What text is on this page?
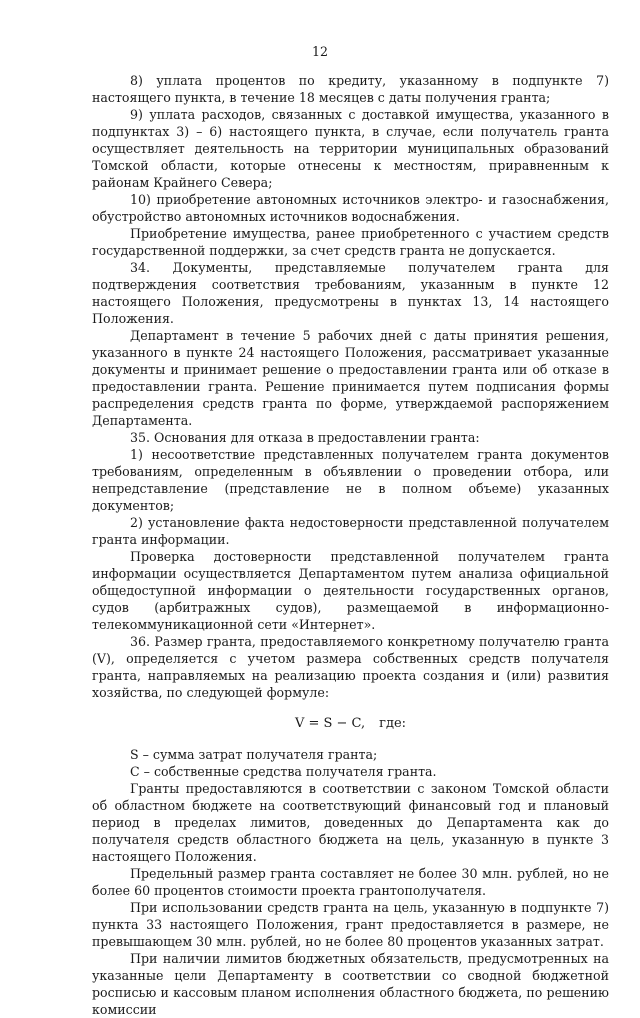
12

8) уплата процентов по кредиту, указанному в подпункте 7) настоящего пункта, в течение 18 месяцев с даты получения гранта;

9) уплата расходов, связанных с доставкой имущества, указанного в подпунктах 3) – 6) настоящего пункта, в случае, если получатель гранта осуществляет деятельность на территории муниципальных образований Томской области, которые отнесены к местностям, приравненным к районам Крайнего Севера;

10) приобретение автономных источников электро- и газоснабжения, обустройство автономных источников водоснабжения.

Приобретение имущества, ранее приобретенного с участием средств государственной поддержки, за счет средств гранта не допускается.

34. Документы, представляемые получателем гранта для подтверждения соответствия требованиям, указанным в пункте 12 настоящего Положения, предусмотрены в пунктах 13, 14 настоящего Положения.

Департамент в течение 5 рабочих дней с даты принятия решения, указанного в пункте 24 настоящего Положения, рассматривает указанные документы и принимает решение о предоставлении гранта или об отказе в предоставлении гранта. Решение принимается путем подписания формы распределения средств гранта по форме, утверждаемой распоряжением Департамента.

35. Основания для отказа в предоставлении гранта:

1) несоответствие представленных получателем гранта документов требованиям, определенным в объявлении о проведении отбора, или непредставление (представление не в полном объеме) указанных документов;

2) установление факта недостоверности представленной получателем гранта информации.

Проверка достоверности представленной получателем гранта информации осуществляется Департаментом путем анализа официальной общедоступной информации о деятельности государственных органов, судов (арбитражных судов), размещаемой в информационно-телекоммуникационной сети «Интернет».

36. Размер гранта, предоставляемого конкретному получателю гранта (V), определяется с учетом размера собственных средств получателя гранта, направляемых на реализацию проекта создания и (или) развития хозяйства, по следующей формуле:

V = S − C, где:

S – сумма затрат получателя гранта;

C – собственные средства получателя гранта.

Гранты предоставляются в соответствии с законом Томской области об областном бюджете на соответствующий финансовый год и плановый период в пределах лимитов, доведенных до Департамента как до получателя средств областного бюджета на цель, указанную в пункте 3 настоящего Положения.

Предельный размер гранта составляет не более 30 млн. рублей, но не более 60 процентов стоимости проекта грантополучателя.

При использовании средств гранта на цель, указанную в подпункте 7) пункта 33 настоящего Положения, грант предоставляется в размере, не превышающем 30 млн. рублей, но не более 80 процентов указанных затрат.

При наличии лимитов бюджетных обязательств, предусмотренных на указанные цели Департаменту в соответствии со сводной бюджетной росписью и кассовым планом исполнения областного бюджета, по решению комиссии
